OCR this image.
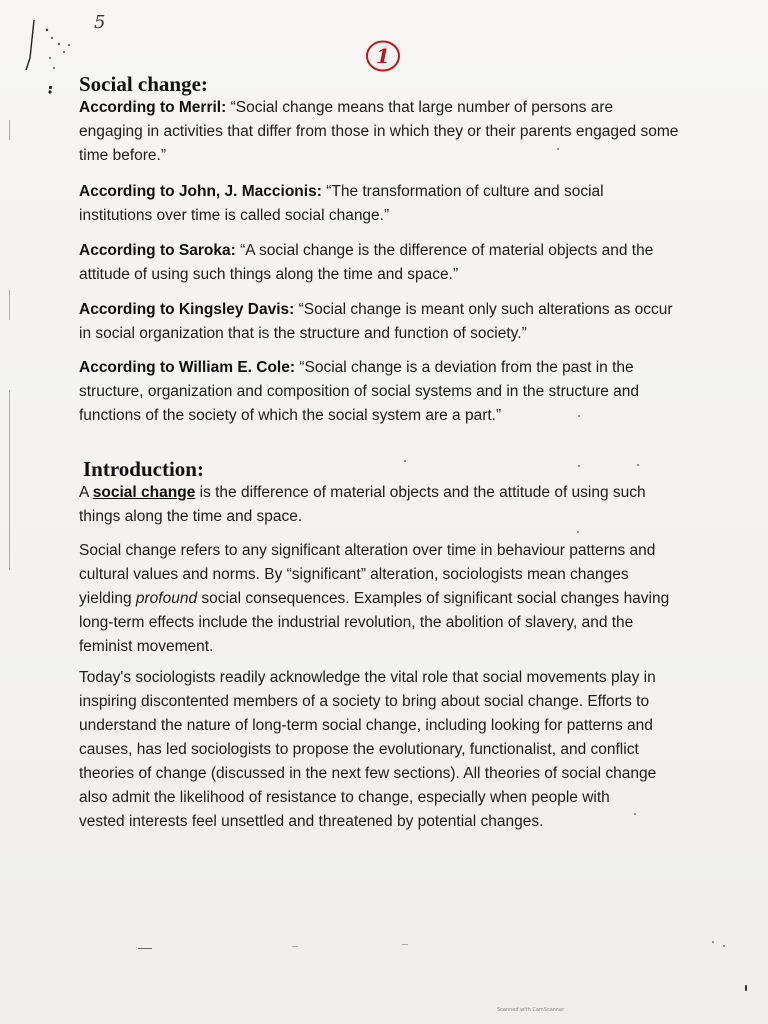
5
1
Social change:
According to Merril: “Social change means that large number of persons are engaging in activities that differ from those in which they or their parents engaged some time before.”
According to John, J. Maccionis: “The transformation of culture and social institutions over time is called social change.”
According to Saroka: “A social change is the difference of material objects and the attitude of using such things along the time and space.”
According to Kingsley Davis: “Social change is meant only such alterations as occur in social organization that is the structure and function of society.”
According to William E. Cole: “Social change is a deviation from the past in the structure, organization and composition of social systems and in the structure and functions of the society of which the social system are a part.”
Introduction:
A social change is the difference of material objects and the attitude of using such things along the time and space.
Social change refers to any significant alteration over time in behaviour patterns and cultural values and norms. By “significant” alteration, sociologists mean changes yielding profound social consequences. Examples of significant social changes having long-term effects include the industrial revolution, the abolition of slavery, and the feminist movement.
Today's sociologists readily acknowledge the vital role that social movements play in inspiring discontented members of a society to bring about social change. Efforts to understand the nature of long-term social change, including looking for patterns and causes, has led sociologists to propose the evolutionary, functionalist, and conflict theories of change (discussed in the next few sections). All theories of social change also admit the likelihood of resistance to change, especially when people with vested interests feel unsettled and threatened by potential changes.
Scanned with CamScanner
